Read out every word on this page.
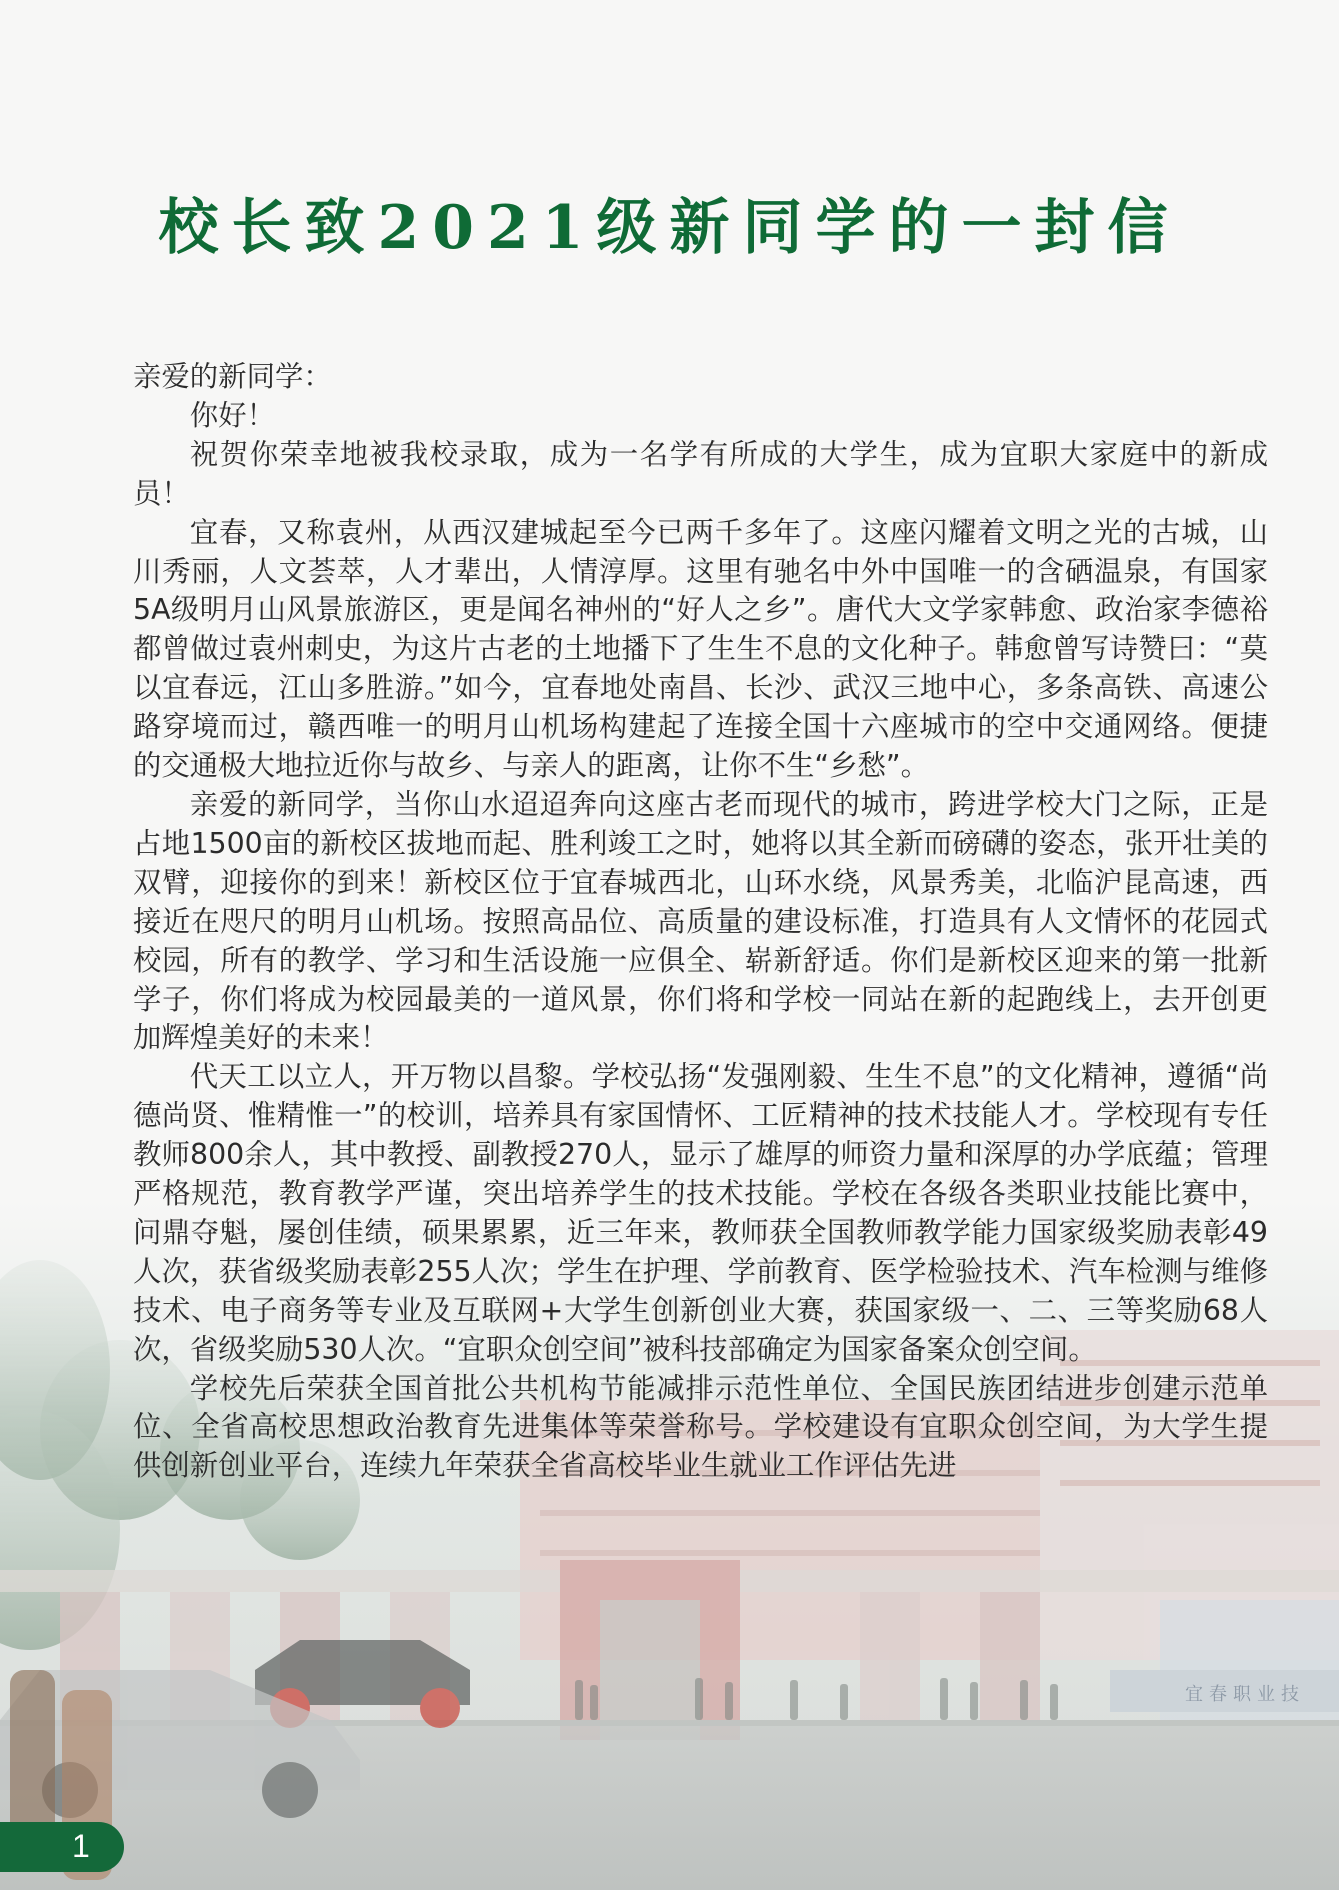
宜春职业技
校长致2021级新同学的一封信

亲爱的新同学：

你好！

祝贺你荣幸地被我校录取，成为一名学有所成的大学生，成为宜职大家庭中的新成员！

宜春，又称袁州，从西汉建城起至今已两千多年了。这座闪耀着文明之光的古城，山川秀丽，人文荟萃，人才辈出，人情淳厚。这里有驰名中外中国唯一的含硒温泉，有国家5A级明月山风景旅游区，更是闻名神州的“好人之乡”。唐代大文学家韩愈、政治家李德裕都曾做过袁州刺史，为这片古老的土地播下了生生不息的文化种子。韩愈曾写诗赞曰：“莫以宜春远，江山多胜游。”如今，宜春地处南昌、长沙、武汉三地中心，多条高铁、高速公路穿境而过，赣西唯一的明月山机场构建起了连接全国十六座城市的空中交通网络。便捷的交通极大地拉近你与故乡、与亲人的距离，让你不生“乡愁”。

亲爱的新同学，当你山水迢迢奔向这座古老而现代的城市，跨进学校大门之际，正是占地1500亩的新校区拔地而起、胜利竣工之时，她将以其全新而磅礴的姿态，张开壮美的双臂，迎接你的到来！新校区位于宜春城西北，山环水绕，风景秀美，北临沪昆高速，西接近在咫尺的明月山机场。按照高品位、高质量的建设标准，打造具有人文情怀的花园式校园，所有的教学、学习和生活设施一应俱全、崭新舒适。你们是新校区迎来的第一批新学子，你们将成为校园最美的一道风景，你们将和学校一同站在新的起跑线上，去开创更加辉煌美好的未来！

代天工以立人，开万物以昌黎。学校弘扬“发强刚毅、生生不息”的文化精神，遵循“尚德尚贤、惟精惟一”的校训，培养具有家国情怀、工匠精神的技术技能人才。学校现有专任教师800余人，其中教授、副教授270人，显示了雄厚的师资力量和深厚的办学底蕴；管理严格规范，教育教学严谨，突出培养学生的技术技能。学校在各级各类职业技能比赛中，问鼎夺魁，屡创佳绩，硕果累累，近三年来，教师获全国教师教学能力国家级奖励表彰49人次，获省级奖励表彰255人次；学生在护理、学前教育、医学检验技术、汽车检测与维修技术、电子商务等专业及互联网+大学生创新创业大赛，获国家级一、二、三等奖励68人次，省级奖励530人次。“宜职众创空间”被科技部确定为国家备案众创空间。

学校先后荣获全国首批公共机构节能减排示范性单位、全国民族团结进步创建示范单位、全省高校思想政治教育先进集体等荣誉称号。学校建设有宜职众创空间，为大学生提供创新创业平台，连续九年荣获全省高校毕业生就业工作评估先进

1
